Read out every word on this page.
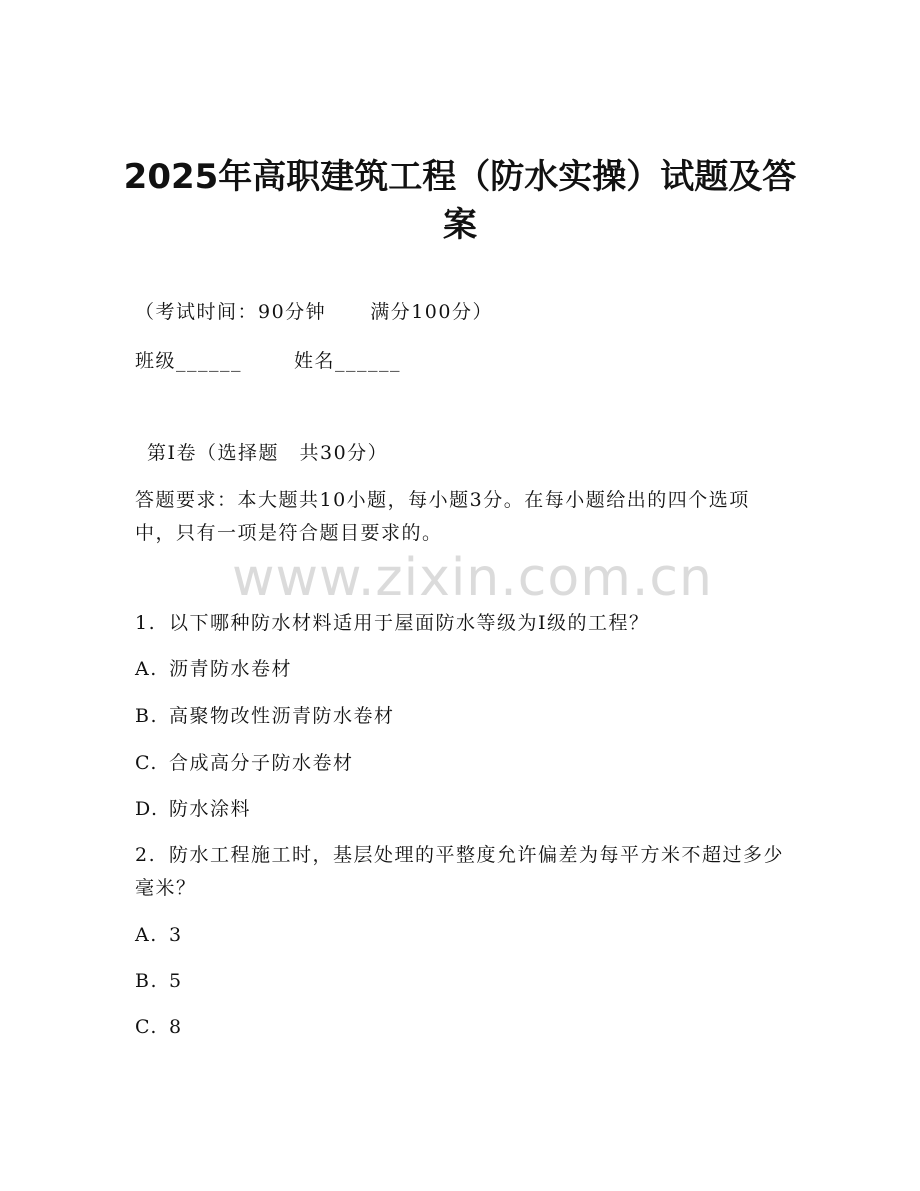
2025年高职建筑工程（防水实操）试题及答
案
（考试时间：90分钟 满分100分）
班级______	姓名______
第Ⅰ卷（选择题　共30分）
答题要求：本大题共10小题，每小题3分。在每小题给出的四个选项中，只有一项是符合题目要求的。
www.zixin.com.cn
1. 以下哪种防水材料适用于屋面防水等级为Ⅰ级的工程？
A. 沥青防水卷材
B. 高聚物改性沥青防水卷材
C. 合成高分子防水卷材
D. 防水涂料
2. 防水工程施工时，基层处理的平整度允许偏差为每平方米不超过多少毫米？
A. 3
B. 5
C. 8
